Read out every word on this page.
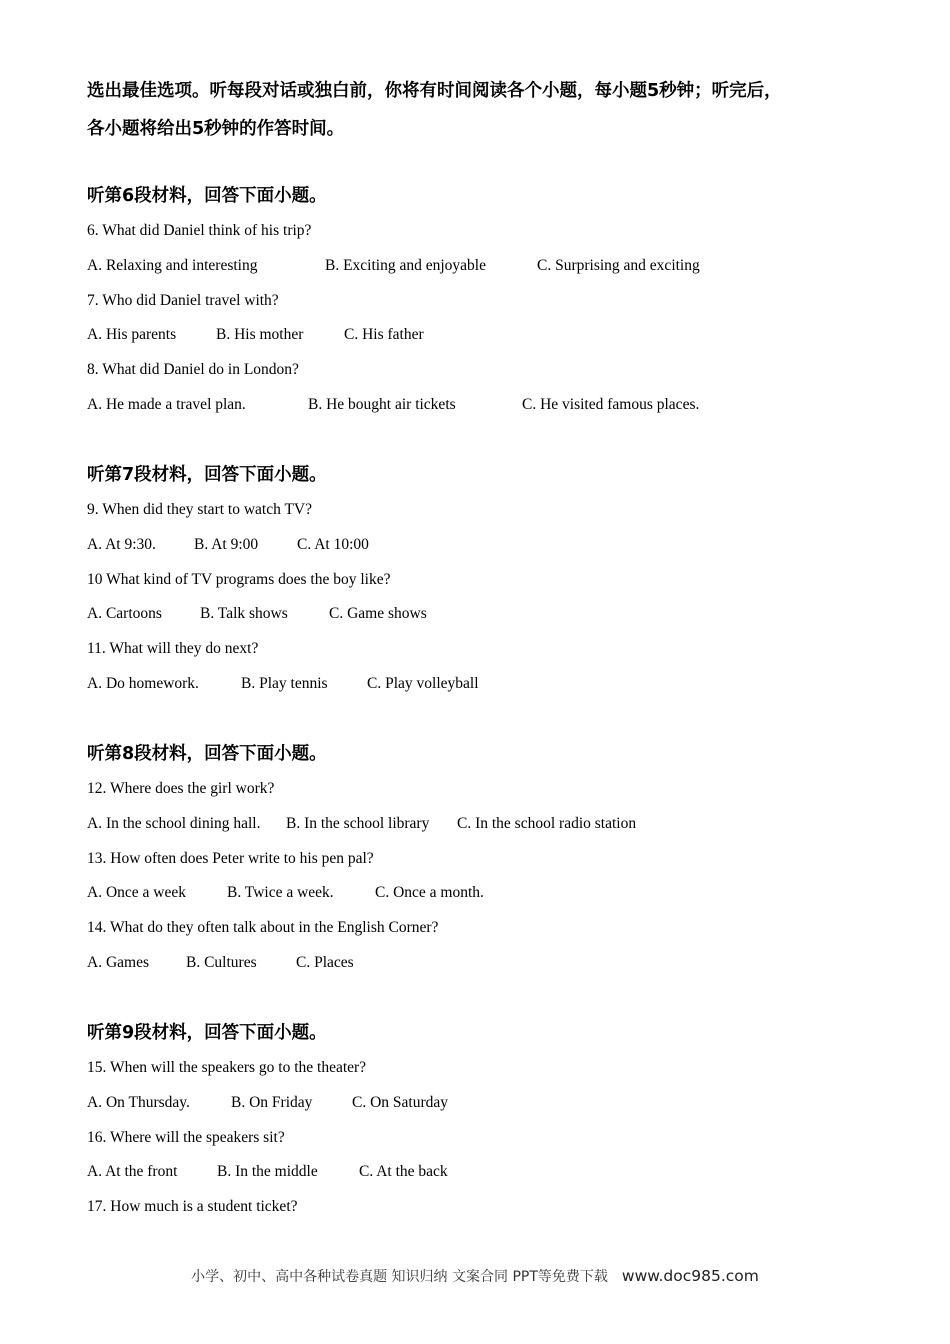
选出最佳选项。听每段对话或独白前，你将有时间阅读各个小题，每小题5秒钟；听完后，
各小题将给出5秒钟的作答时间。
听第6段材料，回答下面小题。
6. What did Daniel think of his trip?
A. Relaxing and interesting	B. Exciting and enjoyable	C. Surprising and exciting
7. Who did Daniel travel with?
A. His parents	B. His mother	C. His father
8. What did Daniel do in London?
A. He made a travel plan.	B. He bought air tickets	C. He visited famous places.
听第7段材料，回答下面小题。
9. When did they start to watch TV?
A. At 9:30. B. At 9:00	C. At 10:00
10 What kind of TV programs does the boy like?
A. Cartoons B. Talk shows	C. Game shows
11. What will they do next?
A. Do homework.	B. Play tennis	C. Play volleyball
听第8段材料，回答下面小题。
12. Where does the girl work?
A. In the school dining hall. B. In the school library C. In the school radio station
13. How often does Peter write to his pen pal?
A. Once a week	B. Twice a week.	C. Once a month.
14. What do they often talk about in the English Corner?
A. Games B. Cultures	C. Places
听第9段材料，回答下面小题。
15. When will the speakers go to the theater?
A. On Thursday.	B. On Friday	C. On Saturday
16. Where will the speakers sit?
A. At the front	B. In the middle	C. At the back
17. How much is a student ticket?
小学、初中、高中各种试卷真题 知识归纳 文案合同 PPT等免费下载 www.doc985.com
